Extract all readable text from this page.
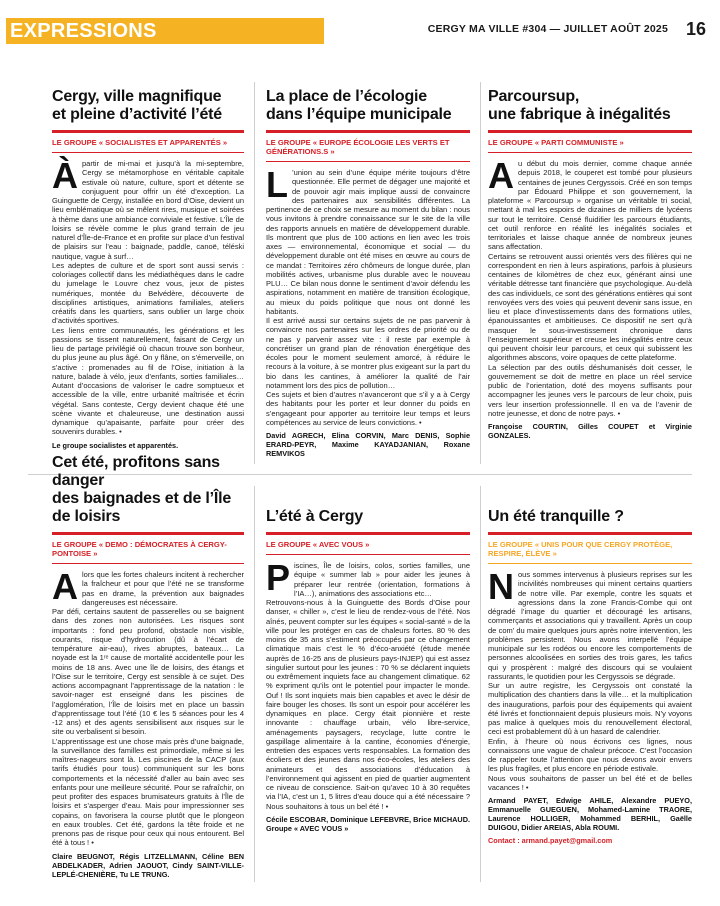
EXPRESSIONS	CERGY MA VILLE #304 — JUILLET AOÛT 2025 16
Cergy, ville magnifique
et pleine d’activité l’été
LE GROUPE « SOCIALISTES ET APPARENTÉS »
À partir de mi-mai et jusqu’à la mi-septembre, Cergy se métamorphose en véritable capitale estivale où nature, culture, sport et détente se conjuguent pour offrir un été d’exception. La Guinguette de Cergy, installée en bord d’Oise, devient un lieu emblématique où se mêlent rires, musique et soirées à thème dans une ambiance conviviale et festive. L’Île de loisirs se révèle comme le plus grand terrain de jeu naturel d’Île-de-France et en profite sur place d’un festival de plaisirs sur l’eau : baignade, paddle, canoë, téléski nautique, vague à surf…

Les adeptes de culture et de sport sont aussi servis : coloriages collectif dans les médiathèques dans le cadre du jumelage le Louvre chez vous, jeux de pistes numériques, montée du Belvédère, découverte de disciplines artistiques, animations familiales, ateliers créatifs dans les quartiers, sans oublier un large choix d’activités sportives.

Les liens entre communautés, les générations et les passions se tissent naturellement, faisant de Cergy un lieu de partage privilégié où chacun trouve son bonheur, du plus jeune au plus âgé. On y flâne, on s’émerveille, on s’active : promenades au fil de l’Oise, initiation à la nature, balade à vélo, jeux d’enfants, sorties familiales… Autant d’occasions de valoriser le cadre somptueux et accessible de la ville, entre urbanité maîtrisée et écrin végétal. Sans conteste, Cergy devient chaque été une scène vivante et chaleureuse, une destination aussi dynamique qu’apaisante, parfaite pour créer des souvenirs durables. •

Le groupe socialistes et apparentés.
La place de l’écologie
dans l’équipe municipale
LE GROUPE « EUROPE ÉCOLOGIE LES VERTS ET GÉNÉRATIONS.S »
L ’union au sein d’une équipe mérite toujours d’être questionnée. Elle permet de dégager une majorité et de pouvoir agir mais implique aussi de convaincre des partenaires aux sensibilités différentes. La pertinence de ce choix se mesure au moment du bilan : nous vous invitons à prendre connaissance sur le site de la ville des rapports annuels en matière de développement durable. Ils montrent que plus de 100 actions en lien avec les trois axes — environnemental, économique et social — du développement durable ont été mises en œuvre au cours de ce mandat : Territoires zéro chômeurs de longue durée, plan mobilités actives, urbanisme plus durable avec le nouveau PLU… Ce bilan nous donne le sentiment d’avoir défendu les aspirations, notamment en matière de transition écologique, au mieux du poids politique que nous ont donné les habitants.

Il est arrivé aussi sur certains sujets de ne pas parvenir à convaincre nos partenaires sur les ordres de priorité ou de ne pas y parvenir assez vite : il reste par exemple à concrétiser un grand plan de rénovation énergétique des écoles pour le moment seulement amorcé, à réduire le recours à la voiture, à se montrer plus exigeant sur la part du bio dans les cantines, à améliorer la qualité de l’air notamment lors des pics de pollution…

Ces sujets et bien d’autres n’avanceront que s’il y a à Cergy des habitants pour les porter et leur donner du poids en s’engageant pour apporter au territoire leur temps et leurs compétences au service de leurs convictions. •

David AGRECH, Elina CORVIN, Marc DENIS, Sophie ERARD-PEYR, Maxime KAYADJANIAN, Roxane REMVIKOS
Parcoursup,
une fabrique à inégalités
LE GROUPE « PARTI COMMUNISTE »
A u début du mois dernier, comme chaque année depuis 2018, le couperet est tombé pour plusieurs centaines de jeunes Cergyssois. Créé en son temps par Édouard Philippe et son gouvernement, la plateforme « Parcoursup » organise un véritable tri social, mettant à mal les espoirs de dizaines de milliers de lycéens sur tout le territoire. Censé fluidifier les parcours étudiants, cet outil renforce en réalité les inégalités sociales et territoriales et laisse chaque année de nombreux jeunes sans affectation.

Certains se retrouvent aussi orientés vers des filières qui ne correspondent en rien à leurs aspirations, parfois à plusieurs centaines de kilomètres de chez eux, générant ainsi une véritable détresse tant financière que psychologique. Au-delà des cas individuels, ce sont des générations entières qui sont renvoyées vers des voies qui peuvent devenir sans issue, en lieu et place d’investissements dans des formations utiles, épanouissantes et ambitieuses. Ce dispositif ne sert qu’à masquer le sous-investissement chronique dans l’enseignement supérieur et creuse les inégalités entre ceux qui peuvent choisir leur parcours, et ceux qui subissent les algorithmes abscons, voire opaques de cette plateforme.

La sélection par des outils déshumanisés doit cesser, le gouvernement se doit de mettre en place un réel service public de l’orientation, doté des moyens suffisants pour accompagner les jeunes vers le parcours de leur choix, puis vers leur insertion professionnelle. Il en va de l’avenir de notre jeunesse, et donc de notre pays. •

Françoise COURTIN, Gilles COUPET et Virginie GONZALES.
Cet été, profitons sans danger
des baignades et de l’Île de loisirs
LE GROUPE « DEMO : DÉMOCRATES À CERGY-PONTOISE »
A lors que les fortes chaleurs incitent à rechercher la fraîcheur et pour que l’été ne se transforme pas en drame, la prévention aux baignades dangereuses est nécessaire.

Par défi, certains sautent de passerelles ou se baignent dans des zones non autorisées. Les risques sont importants : fond peu profond, obstacle non visible, courants, risque d’hydrocution (dû à l’écart de température air-eau), rives abruptes, bateaux… La noyade est la 1ʳᵉ cause de mortalité accidentelle pour les moins de 18 ans. Avec une île de loisirs, des étangs et l’Oise sur le territoire, Cergy est sensible à ce sujet. Des actions accompagnant l’apprentissage de la natation : le savoir-nager est enseigné dans les piscines de l’agglomération, l’Île de loisirs met en place un bassin d’apprentissage tout l’été (10 € les 5 séances pour les 4 -12 ans) et des agents sensibilisent aux risques sur le site ou verbalisent si besoin.

L’apprentissage est une chose mais près d’une baignade, la surveillance des familles est primordiale, même si les maîtres-nageurs sont là. Les piscines de la CACP (aux tarifs étudiés pour tous) communiquent sur les bons comportements et la nécessité d’aller au bain avec ses enfants pour une meilleure sécurité. Pour se rafraîchir, on peut profiter des espaces brumisateurs gratuits à l’Île de loisirs et s’asperger d’eau. Mais pour impressionner ses copains, on favorisera la course plutôt que le plongeon en eaux troubles. Cet été, gardons la tête froide et ne prenons pas de risque pour ceux qui nous entourent. Bel été à tous ! •

Claire BEUGNOT, Régis LITZELLMANN, Céline BEN ABDELKADER, Adrien JAOUOT, Cindy SAINT-VILLE-LEPLÉ-CHENIÈRE, Tu LE TRUNG.
L’été à Cergy
LE GROUPE « AVEC VOUS »
P iscines, Île de loisirs, colos, sorties familles, une équipe « summer lab » pour aider les jeunes à préparer leur rentrée (orientation, formations à l’IA…), animations des associations etc…

Retrouvons-nous à la Guinguette des Bords d’Oise pour danser, « chiller », c’est le lieu de rendez-vous de l’été. Nos aînés, peuvent compter sur les équipes « social-santé » de la ville pour les protéger en cas de chaleurs fortes. 80 % des moins de 35 ans s’estiment préoccupés par ce changement climatique mais c’est le % d’éco-anxiété (étude menée auprès de 16-25 ans de plusieurs pays-INJEP) qui est assez singulier surtout pour les jeunes : 70 % se déclarent inquiets ou extrêmement inquiets face au changement climatique. 62 % expriment qu’ils ont le potentiel pour impacter le monde. Ouf ! Ils sont inquiets mais bien capables et avec le désir de faire bouger les choses. Ils sont un espoir pour accélérer les dynamiques en place. Cergy était pionnière et reste innovante : chauffage urbain, vélo libre-service, aménagements paysagers, recyclage, lutte contre le gaspillage alimentaire à la cantine, économies d’énergie, entretien des espaces verts responsables. La formation des écoliers et des jeunes dans nos éco-écoles, les ateliers des animateurs et des associations d’éducation à l’environnement qui agissent en pied de quartier augmentent ce niveau de conscience. Sait-on qu’avec 10 à 30 requêtes via l’IA, c’est un 1, 5 litres d’eau douce qui a été nécessaire ? Nous souhaitons à tous un bel été ! •

Cécile ESCOBAR, Dominique LEFEBVRE, Brice MICHAUD. Groupe « AVEC VOUS »
Un été tranquille ?
LE GROUPE « UNIS POUR QUE CERGY PROTÈGE, RESPIRE, ÉLÈVE »
N ous sommes intervenus à plusieurs reprises sur les incivilités nombreuses qui minent certains quartiers de notre ville. Par exemple, contre les squats et agressions dans la zone Francis-Combe qui ont dégradé l’image du quartier et découragé les artisans, commerçants et associations qui y travaillent. Après un coup de com’ du maire quelques jours après notre intervention, les problèmes persistent. Nous avons interpellé l’équipe municipale sur les rodéos ou encore les comportements de personnes alcoolisées en sorties des trois gares, les tafics qui y prospèrent : malgré des discours qui se voulaient rassurants, le quotidien pour les Cergyssois se dégrade.

Sur un autre registre, les Cergyssois ont constaté la multiplication des chantiers dans la ville… et la multiplication des inaugurations, parfois pour des équipements qui avaient été livrés et fonctionnaient depuis plusieurs mois. N’y voyons pas malice à quelques mois du renouvellement électoral, ceci est probablement dû à un hasard de calendrier.

Enfin, à l’heure où nous écrivons ces lignes, nous connaissons une vague de chaleur précoce. C’est l’occasion de rappeler toute l’attention que nous devons avoir envers les plus fragiles, et plus encore en période estivale.

Nous vous souhaitons de passer un bel été et de belles vacances ! •

Armand PAYET, Edwige AHILE, Alexandre PUEYO, Emmanuelle GUEGUEN, Mohamed-Lamine TRAORE, Laurence HOLLIGER, Mohammed BERHIL, Gaëlle DUIGOU, Didier AREIAS, Abla ROUMI.
Contact : armand.payet@gmail.com
